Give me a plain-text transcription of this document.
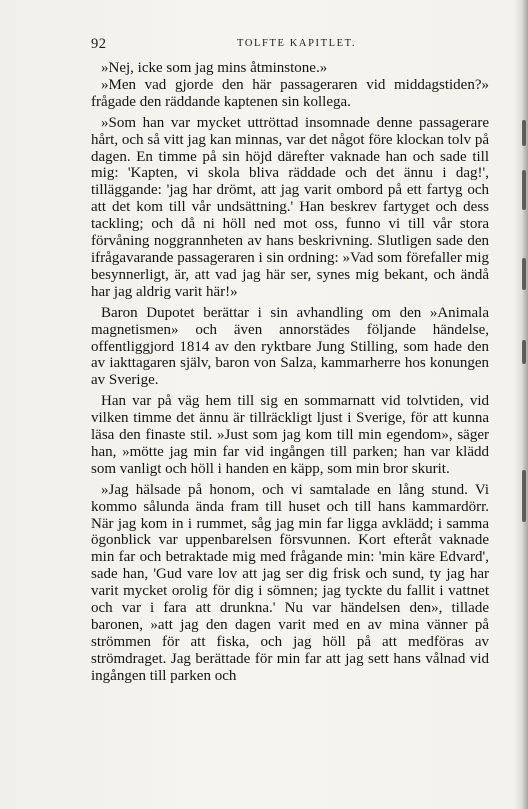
92	TOLFTE KAPITLET.

»Nej, icke som jag mins åtminstone.»

»Men vad gjorde den här passageraren vid middagstiden?» frågade den räddande kaptenen sin kollega.

»Som han var mycket uttröttad insomnade denne passagerare hårt, och så vitt jag kan minnas, var det något före klockan tolv på dagen. En timme på sin höjd därefter vaknade han och sade till mig: 'Kapten, vi skola bliva räddade och det ännu i dag!', tilläggande: 'jag har drömt, att jag varit ombord på ett fartyg och att det kom till vår undsättning.' Han beskrev fartyget och dess tackling; och då ni höll ned mot oss, funno vi till vår stora förvåning noggrannheten av hans beskrivning. Slutligen sade den ifrågavarande passageraren i sin ordning: »Vad som förefaller mig besynnerligt, är, att vad jag här ser, synes mig bekant, och ändå har jag aldrig varit här!»

Baron Dupotet berättar i sin avhandling om den »Animala magnetismen» och även annorstädes följande händelse, offentliggjord 1814 av den ryktbare Jung Stilling, som hade den av iakttagaren själv, baron von Salza, kammarherre hos konungen av Sverige.

Han var på väg hem till sig en sommarnatt vid tolvtiden, vid vilken timme det ännu är tillräckligt ljust i Sverige, för att kunna läsa den finaste stil. »Just som jag kom till min egendom», säger han, »mötte jag min far vid ingången till parken; han var klädd som vanligt och höll i handen en käpp, som min bror skurit.

»Jag hälsade på honom, och vi samtalade en lång stund. Vi kommo sålunda ända fram till huset och till hans kammardörr. När jag kom in i rummet, såg jag min far ligga avklädd; i samma ögonblick var uppenbarelsen försvunnen. Kort efteråt vaknade min far och betraktade mig med frågande min: 'min käre Edvard', sade han, 'Gud vare lov att jag ser dig frisk och sund, ty jag har varit mycket orolig för dig i sömnen; jag tyckte du fallit i vattnet och var i fara att drunkna.' Nu var händelsen den», tillade baronen, »att jag den dagen varit med en av mina vänner på strömmen för att fiska, och jag höll på att medföras av strömdraget. Jag berättade för min far att jag sett hans vålnad vid ingången till parken och
